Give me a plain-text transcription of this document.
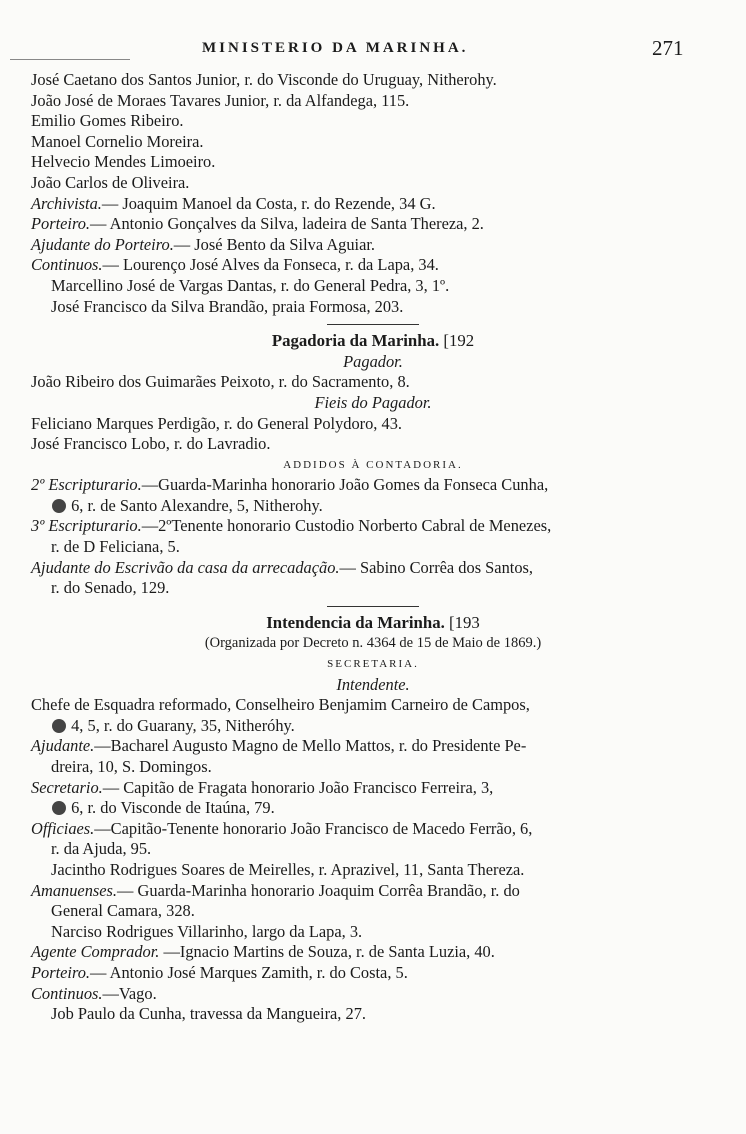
MINISTERIO DA MARINHA.	271
José Caetano dos Santos Junior, r. do Visconde do Uruguay, Nitherohy.
João José de Moraes Tavares Junior, r. da Alfandega, 115.
Emilio Gomes Ribeiro.
Manoel Cornelio Moreira.
Helvecio Mendes Limoeiro.
João Carlos de Oliveira.
Archivista.— Joaquim Manoel da Costa, r. do Rezende, 34 G.
Porteiro.— Antonio Gonçalves da Silva, ladeira de Santa Thereza, 2.
Ajudante do Porteiro.— José Bento da Silva Aguiar.
Continuos.— Lourenço José Alves da Fonseca, r. da Lapa, 34.
Marcellino José de Vargas Dantas, r. do General Pedra, 3, 1º.
José Francisco da Silva Brandão, praia Formosa, 203.
Pagadoria da Marinha. [192
Pagador.
João Ribeiro dos Guimarães Peixoto, r. do Sacramento, 8.
Fieis do Pagador.
Feliciano Marques Perdigão, r. do General Polydoro, 43.
José Francisco Lobo, r. do Lavradio.
ADDIDOS À CONTADORIA.
2º Escripturario.—Guarda-Marinha honorario João Gomes da Fonseca Cunha,
6, r. de Santo Alexandre, 5, Nitherohy.
3º Escripturario.—2ºTenente honorario Custodio Norberto Cabral de Menezes,
r. de D Feliciana, 5.
Ajudante do Escrivão da casa da arrecadação.— Sabino Corrêa dos Santos,
r. do Senado, 129.
Intendencia da Marinha. [193
(Organizada por Decreto n. 4364 de 15 de Maio de 1869.)
SECRETARIA.
Intendente.
Chefe de Esquadra reformado, Conselheiro Benjamim Carneiro de Campos,
4, 5, r. do Guarany, 35, Nitheróhy.
Ajudante.—Bacharel Augusto Magno de Mello Mattos, r. do Presidente Pe-
dreira, 10, S. Domingos.
Secretario.— Capitão de Fragata honorario João Francisco Ferreira, 3,
6, r. do Visconde de Itaúna, 79.
Officiaes.—Capitão-Tenente honorario João Francisco de Macedo Ferrão, 6,
r. da Ajuda, 95.
Jacintho Rodrigues Soares de Meirelles, r. Aprazivel, 11, Santa Thereza.
Amanuenses.— Guarda-Marinha honorario Joaquim Corrêa Brandão, r. do
General Camara, 328.
Narciso Rodrigues Villarinho, largo da Lapa, 3.
Agente Comprador. —Ignacio Martins de Souza, r. de Santa Luzia, 40.
Porteiro.— Antonio José Marques Zamith, r. do Costa, 5.
Continuos.—Vago.
Job Paulo da Cunha, travessa da Mangueira, 27.
